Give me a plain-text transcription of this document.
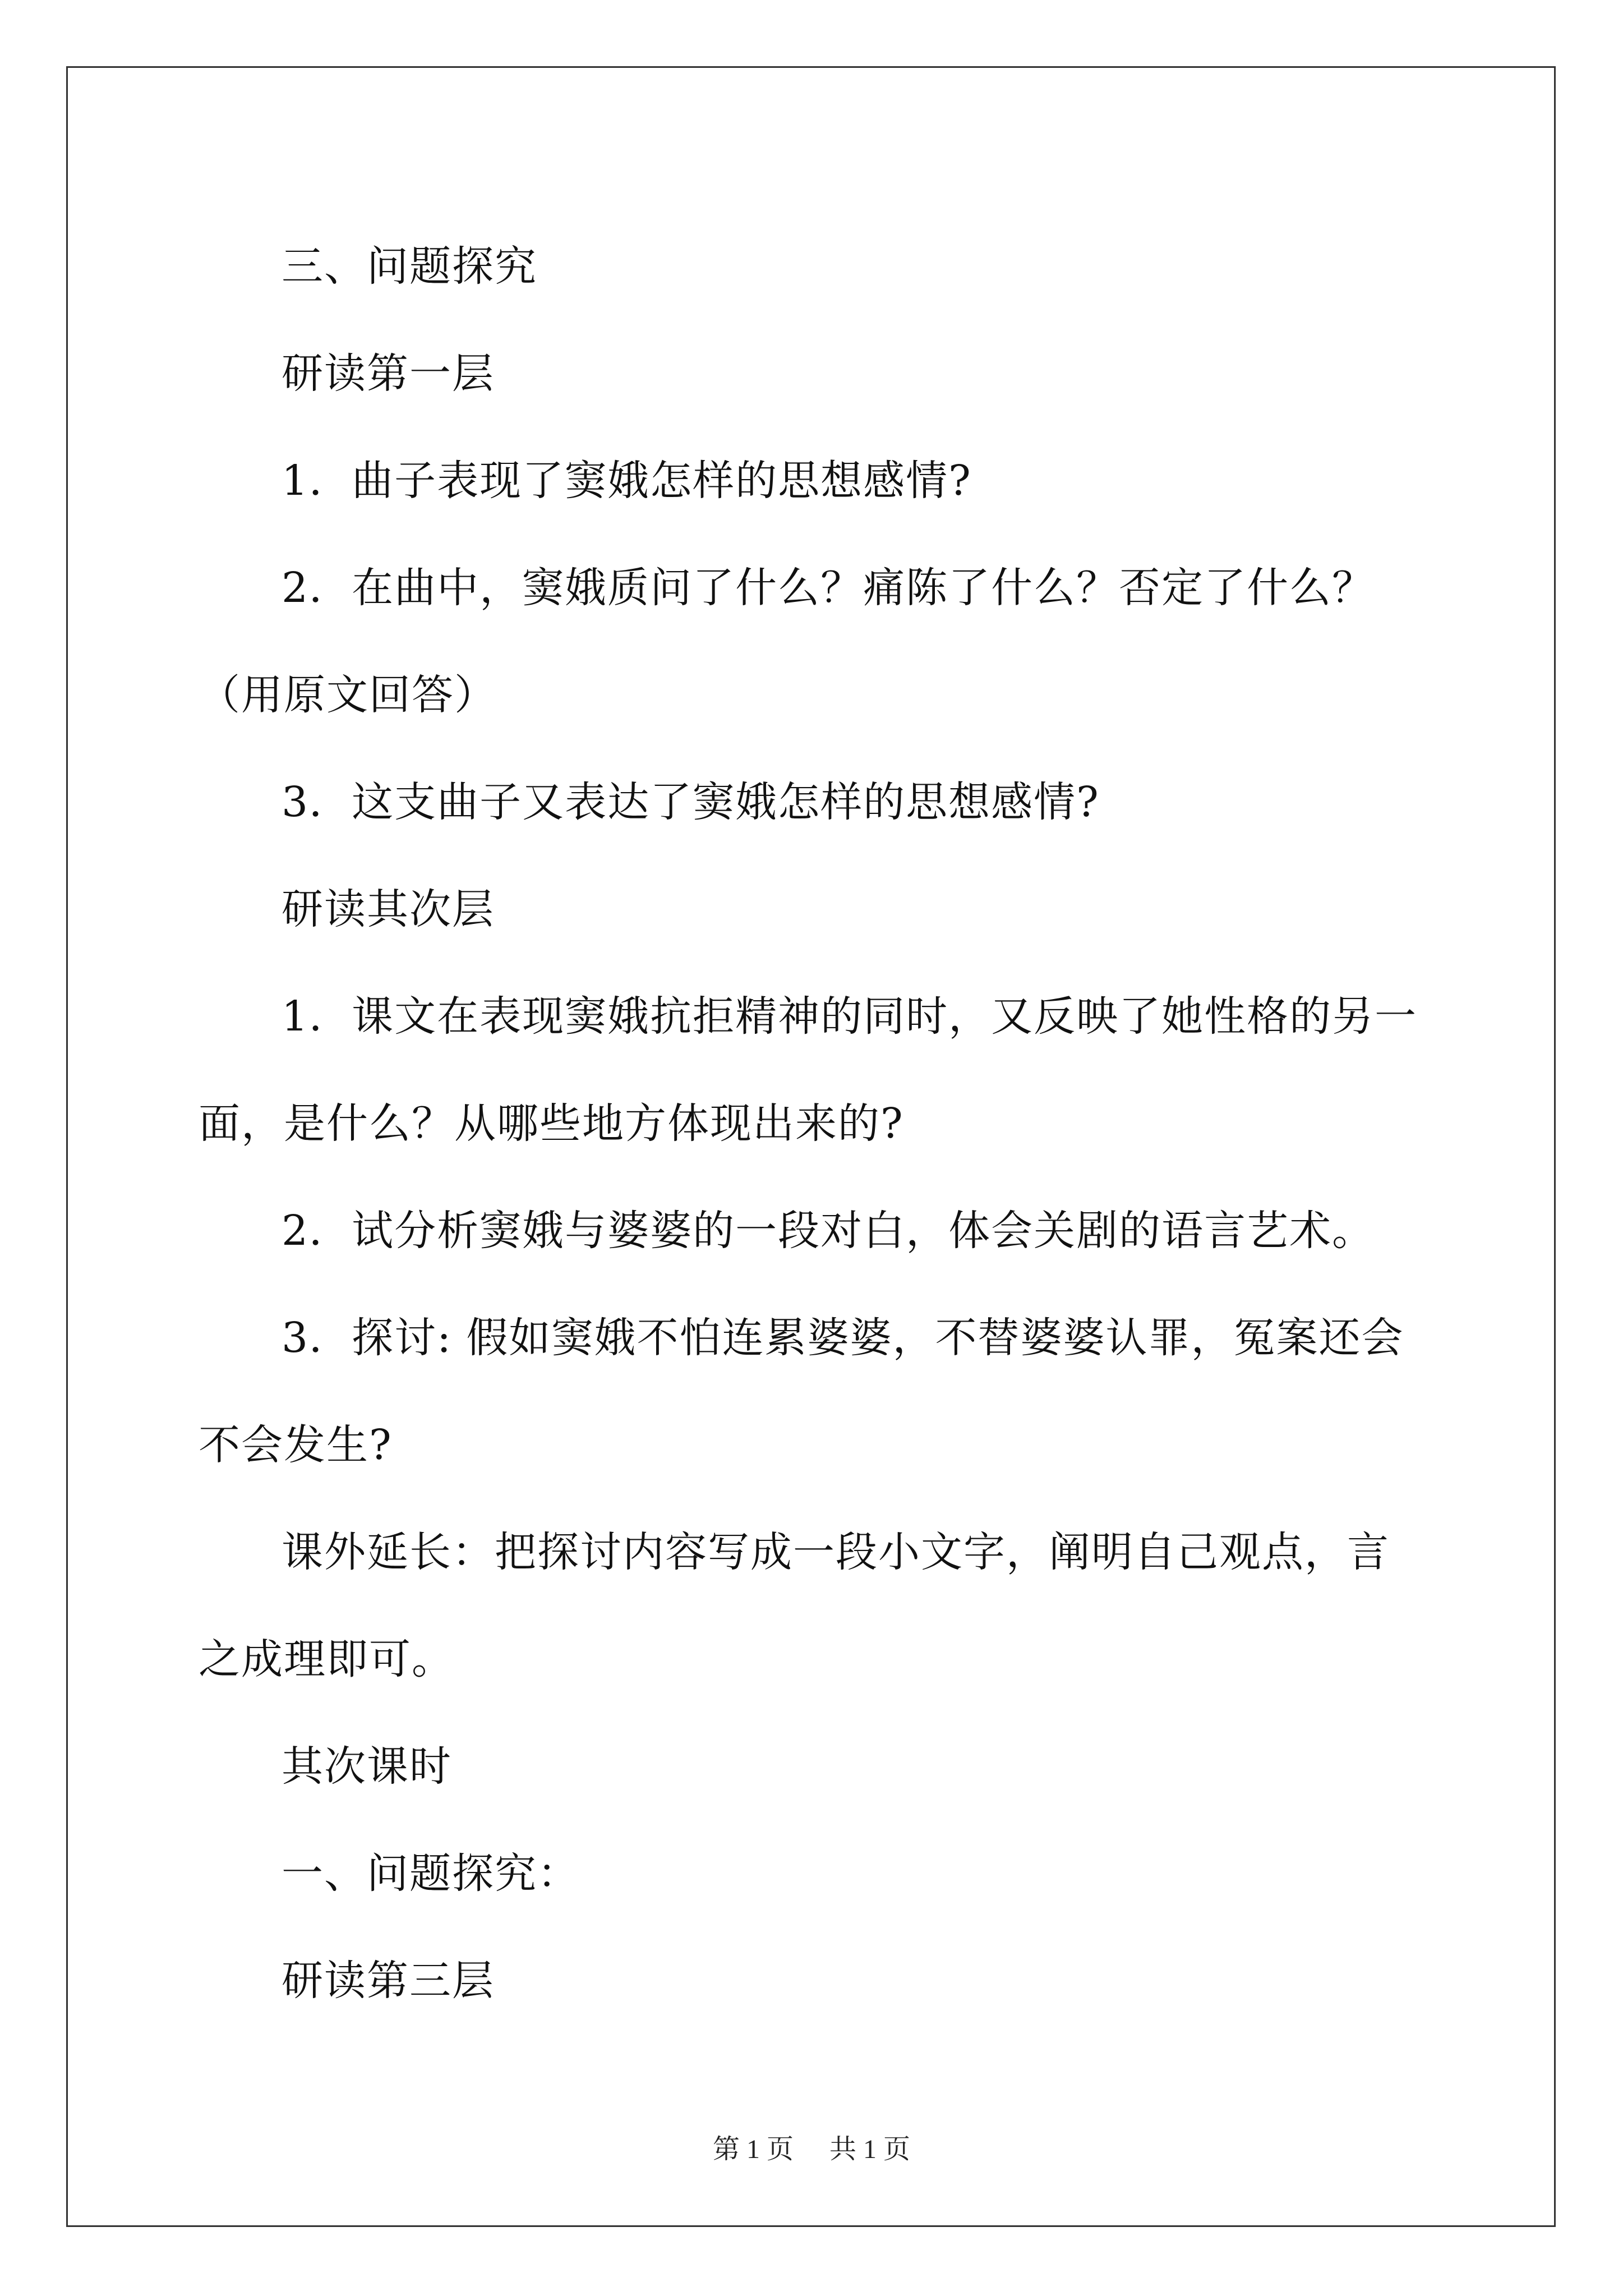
三、问题探究

研读第一层

1．曲子表现了窦娥怎样的思想感情?

2．在曲中，窦娥质问了什么？痛陈了什么？否定了什么？（用原文回答）

3．这支曲子又表达了窦娥怎样的思想感情?

研读其次层

1．课文在表现窦娥抗拒精神的同时，又反映了她性格的另一面，是什么？从哪些地方体现出来的?

2．试分析窦娥与婆婆的一段对白，体会关剧的语言艺术。

3．探讨: 假如窦娥不怕连累婆婆，不替婆婆认罪，冤案还会不会发生?

课外延长：把探讨内容写成一段小文字，阐明自己观点，言之成理即可。

其次课时

一、问题探究：

研读第三层

第 1 页 共 1 页
